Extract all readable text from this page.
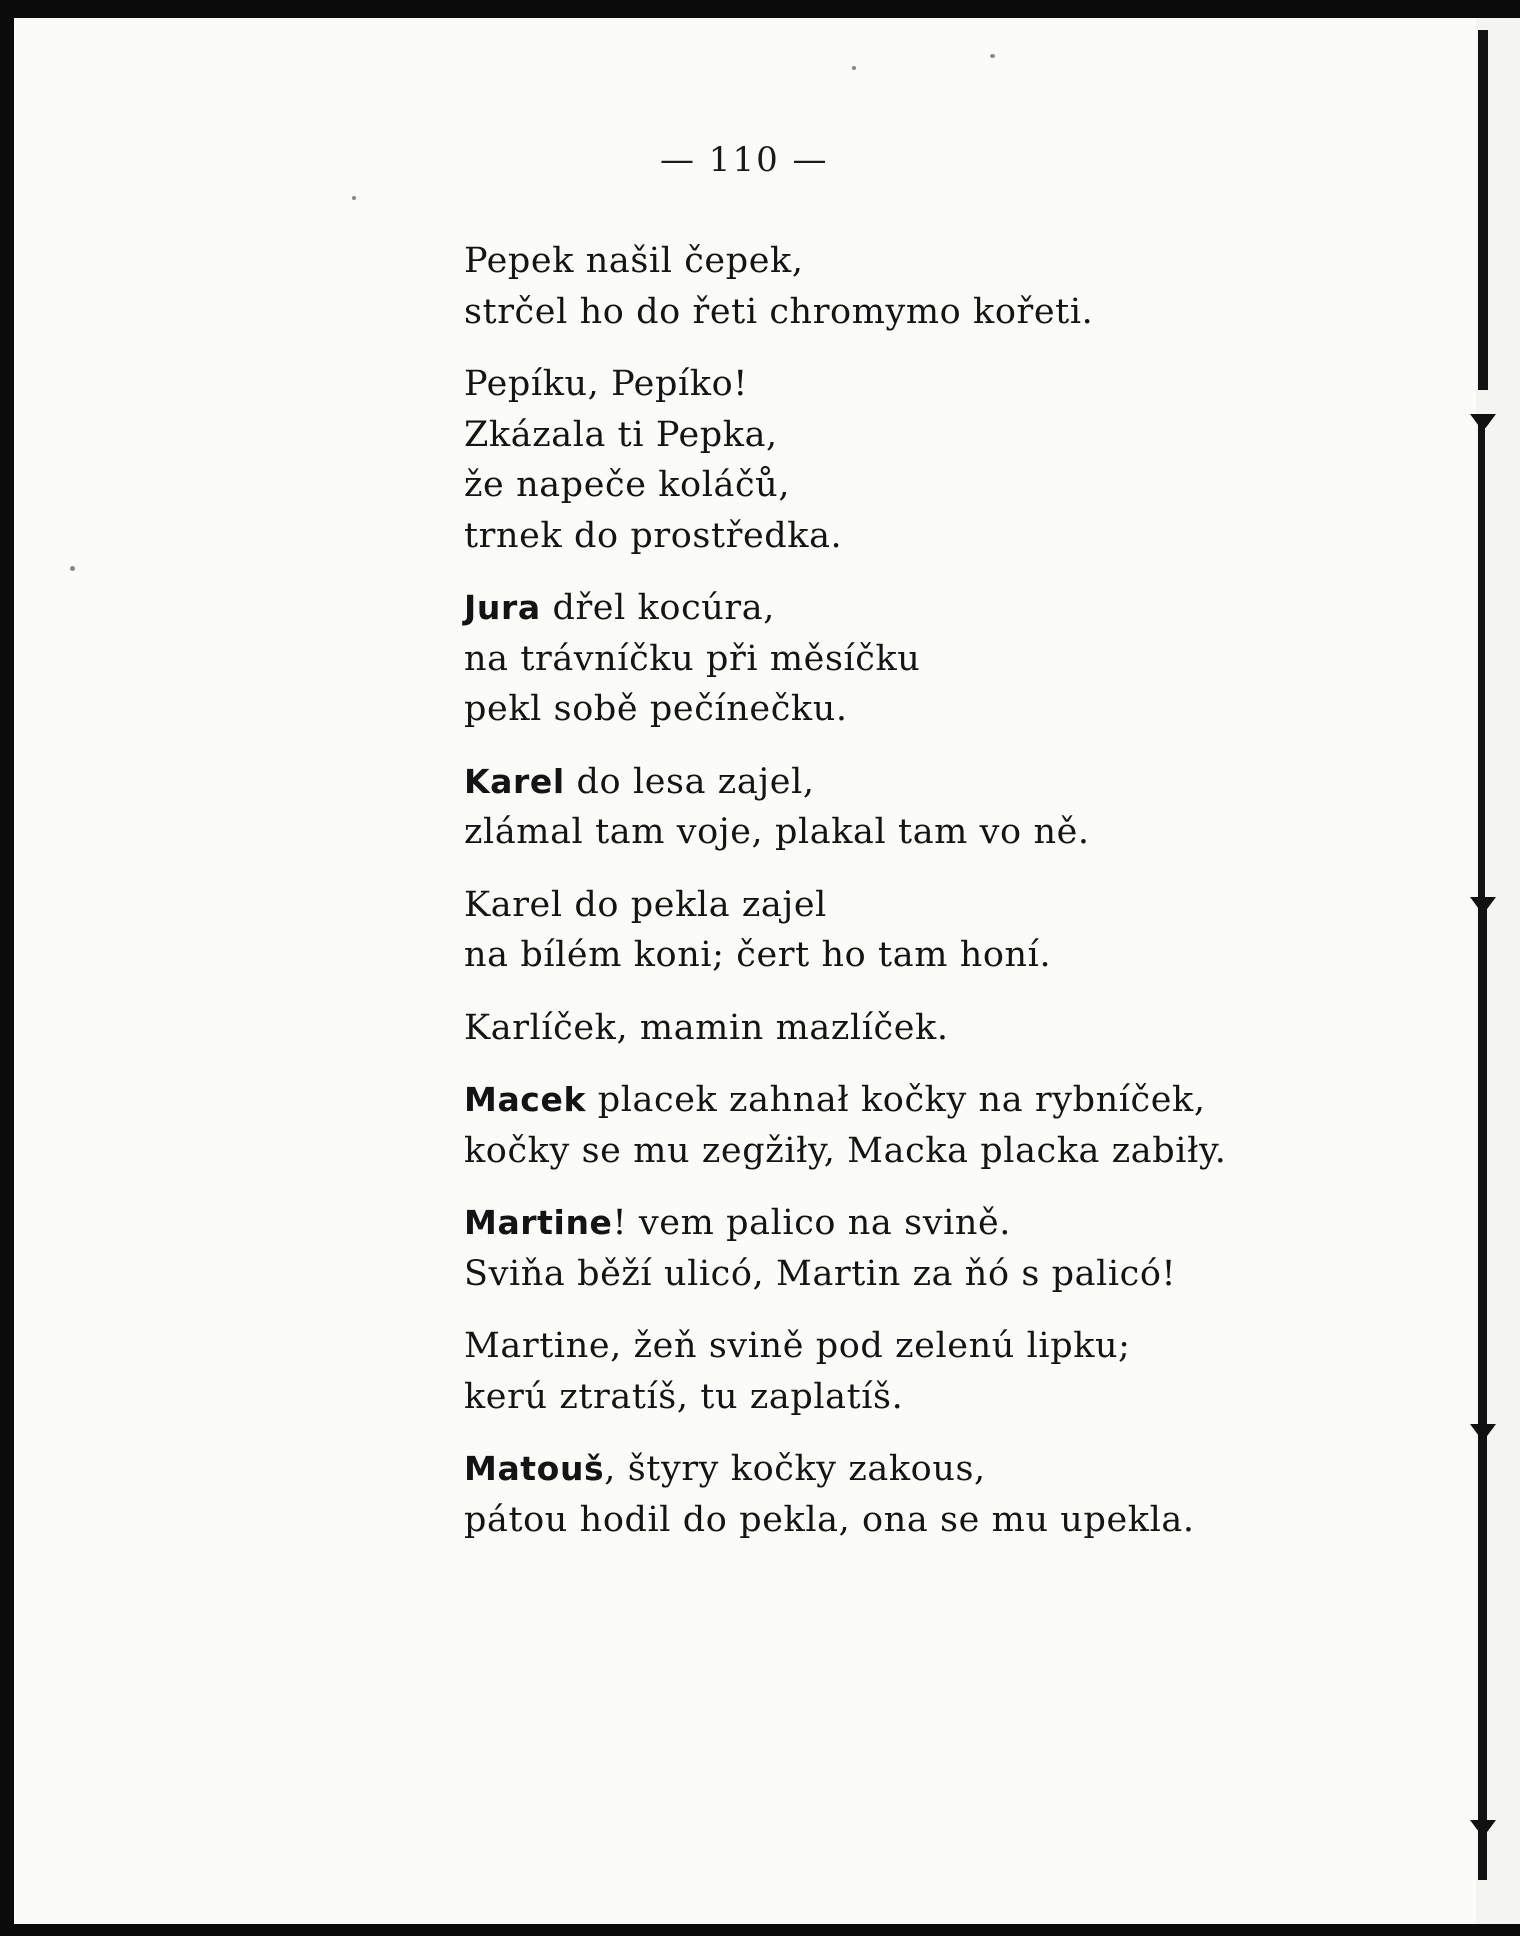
— 110 —
Pepek našil čepek,
strčel ho do řeti chromymo kořeti.
Pepíku, Pepíko!
Zkázala ti Pepka,
že napeče koláčů,
trnek do prostředka.
Jura dřel kocúra,
na trávníčku při měsíčku
pekl sobě pečínečku.
Karel do lesa zajel,
zlámal tam voje, plakal tam vo ně.
Karel do pekla zajel
na bílém koni; čert ho tam honí.
Karlíček, mamin mazlíček.
Macek placek zahnał kočky na rybníček,
kočky se mu zegžiły, Macka placka zabiły.
Martine! vem palico na svině.
Sviňa běží ulicó, Martin za ňó s palicó!
Martine, žeň svině pod zelenú lipku;
kerú ztratíš, tu zaplatíš.
Matouš, štyry kočky zakous,
pátou hodil do pekla, ona se mu upekla.
